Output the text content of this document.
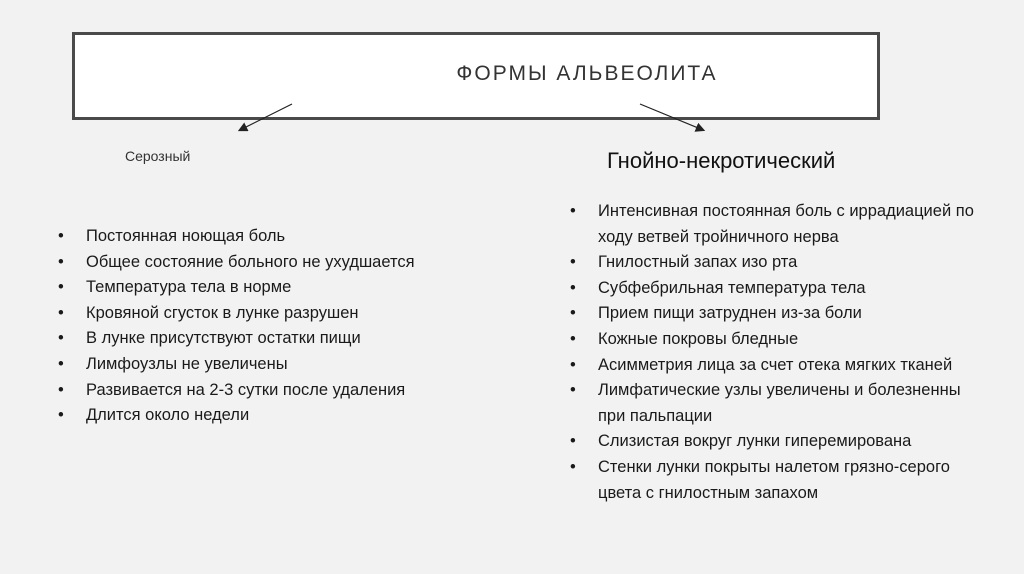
ФОРМЫ АЛЬВЕОЛИТА
Серозный	Гнойно-некротический
• Постоянная ноющая боль
• Общее состояние больного не ухудшается
• Температура тела в норме
• Кровяной сгусток в лунке разрушен
• В лунке присутствуют остатки пищи
• Лимфоузлы не увеличены
• Развивается на 2-3 сутки после удаления
• Длится около недели
• Интенсивная постоянная боль с иррадиацией по ходу ветвей тройничного нерва
• Гнилостный запах изо рта
• Субфебрильная температура тела
• Прием пищи затруднен из-за боли
• Кожные покровы бледные
• Асимметрия лица за счет отека мягких тканей
• Лимфатические узлы увеличены и болезненны при пальпации
• Слизистая вокруг лунки гиперемирована
• Стенки лунки покрыты налетом грязно-серого цвета с гнилостным запахом
